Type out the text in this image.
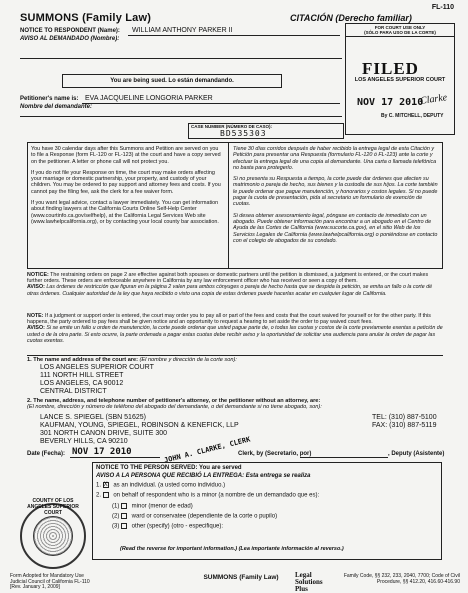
FL-110
SUMMONS (Family Law)	CITACIÓN (Derecho familiar)
FOR COURT USE ONLY
(SÓLO PARA USO DE LA CORTE)
FILED
LOS ANGELES SUPERIOR COURT
NOV 17 2010
Clarke
By C. MITCHELL, DEPUTY
NOTICE TO RESPONDENT (Name):
AVISO AL DEMANDADO (Nombre):
WILLIAM ANTHONY PARKER II
You are being sued. Lo están demandando.
Petitioner's name is:
Nombre del demandante:
EVA JACQUELINE LONGORIA PARKER
CASE NUMBER (NÚMERO DE CASO):
BD535303

You have 30 calendar days after this Summons and Petition are served on you to file a Response (form FL-120 or FL-123) at the court and have a copy served on the petitioner. A letter or phone call will not protect you.

If you do not file your Response on time, the court may make orders affecting your marriage or domestic partnership, your property, and custody of your children. You may be ordered to pay support and attorney fees and costs. If you cannot pay the filing fee, ask the clerk for a fee waiver form.

If you want legal advice, contact a lawyer immediately. You can get information about finding lawyers at the California Courts Online Self-Help Center (www.courtinfo.ca.gov/selfhelp), at the California Legal Services Web site (www.lawhelpcalifornia.org), or by contacting your local county bar association.

Tiene 30 días corridos después de haber recibido la entrega legal de esta Citación y Petición para presentar una Respuesta (formulario FL-120 ó FL-123) ante la corte y efectuar la entrega legal de una copia al demandante. Una carta o llamada telefónica no basta para protegerlo.

Si no presenta su Respuesta a tiempo, la corte puede dar órdenes que afecten su matrimonio o pareja de hecho, sus bienes y la custodia de sus hijos. La corte también le puede ordenar que pague manutención, y honorarios y costos legales. Si no puede pagar la cuota de presentación, pida al secretario un formulario de exención de cuotas.

Si desea obtener asesoramiento legal, póngase en contacto de inmediato con un abogado. Puede obtener información para encontrar a un abogado en el Centro de Ayuda de las Cortes de California (www.sucorte.ca.gov), en el sitio Web de los Servicios Legales de California (www.lawhelpcalifornia.org) o poniéndose en contacto con el colegio de abogados de su condado.

NOTICE: The restraining orders on page 2 are effective against both spouses or domestic partners until the petition is dismissed, a judgment is entered, or the court makes further orders. These orders are enforceable anywhere in California by any law enforcement officer who has received or seen a copy of them.
AVISO: Las órdenes de restricción que figuran en la página 2 valen para ambos cónyuges o pareja de hecho hasta que se despida la petición, se emita un fallo o la corte dé otras órdenes. Cualquier autoridad de la ley que haya recibido o visto una copia de estas órdenes puede hacerlas acatar en cualquier lugar de California.
NOTE: If a judgment or support order is entered, the court may order you to pay all or part of the fees and costs that the court waived for yourself or for the other party. If this happens, the party ordered to pay fees shall be given notice and an opportunity to request a hearing to set aside the order to pay waived court fees.
AVISO: Si se emite un fallo u orden de manutención, la corte puede ordenar que usted pague parte de, o todas las cuotas y costos de la corte previamente exentas a petición de usted o de la otra parte. Si esto ocurre, la parte ordenada a pagar estas cuotas debe recibir aviso y la oportunidad de solicitar una audiencia para anular la orden de pagar las cuotas exentas.
1. The name and address of the court are: (El nombre y dirección de la corte son):
LOS ANGELES SUPERIOR COURT
111 NORTH HILL STREET
LOS ANGELES, CA 90012
CENTRAL DISTRICT
2. The name, address, and telephone number of petitioner's attorney, or the petitioner without an attorney, are:
(El nombre, dirección y número de teléfono del abogado del demandante, o del demandante si no tiene abogado, son):
LANCE S. SPIEGEL (SBN 51625)
KAUFMAN, YOUNG, SPIEGEL, ROBINSON & KENEFICK, LLP
301 NORTH CANON DRIVE, SUITE 300
BEVERLY HILLS, CA 90210
TEL: (310) 887-5100
FAX: (310) 887-5119
Date (Fecha): NOV 17 2010	JOHN A. CLARKE, CLERK
Clerk, by (Secretario, por)	, Deputy (Asistente)
COUNTY OF LOS ANGELES SUPERIOR COURT
NOTICE TO THE PERSON SERVED: You are served
AVISO A LA PERSONA QUE RECIBIÓ LA ENTREGA: Esta entrega se realiza
1. X as an individual. (a usted como individuo.)
2.  on behalf of respondent who is a minor (a nombre de un demandado que es):
(1)  minor (menor de edad)
(2)  ward or conservatee (dependiente de la corte o pupilo)
(3)  other (specify) (otro - especifique):
(Read the reverse for important information.) (Lea importante información al reverso.)
Form Adopted for Mandatory Use Judicial Council of California FL-110 [Rev. January 1, 2009]
SUMMONS (Family Law)	Legal Solutions Plus
Family Code, §§ 232, 233, 2040, 7700; Code of Civil Procedure, §§ 412.20, 416.60-416.90
